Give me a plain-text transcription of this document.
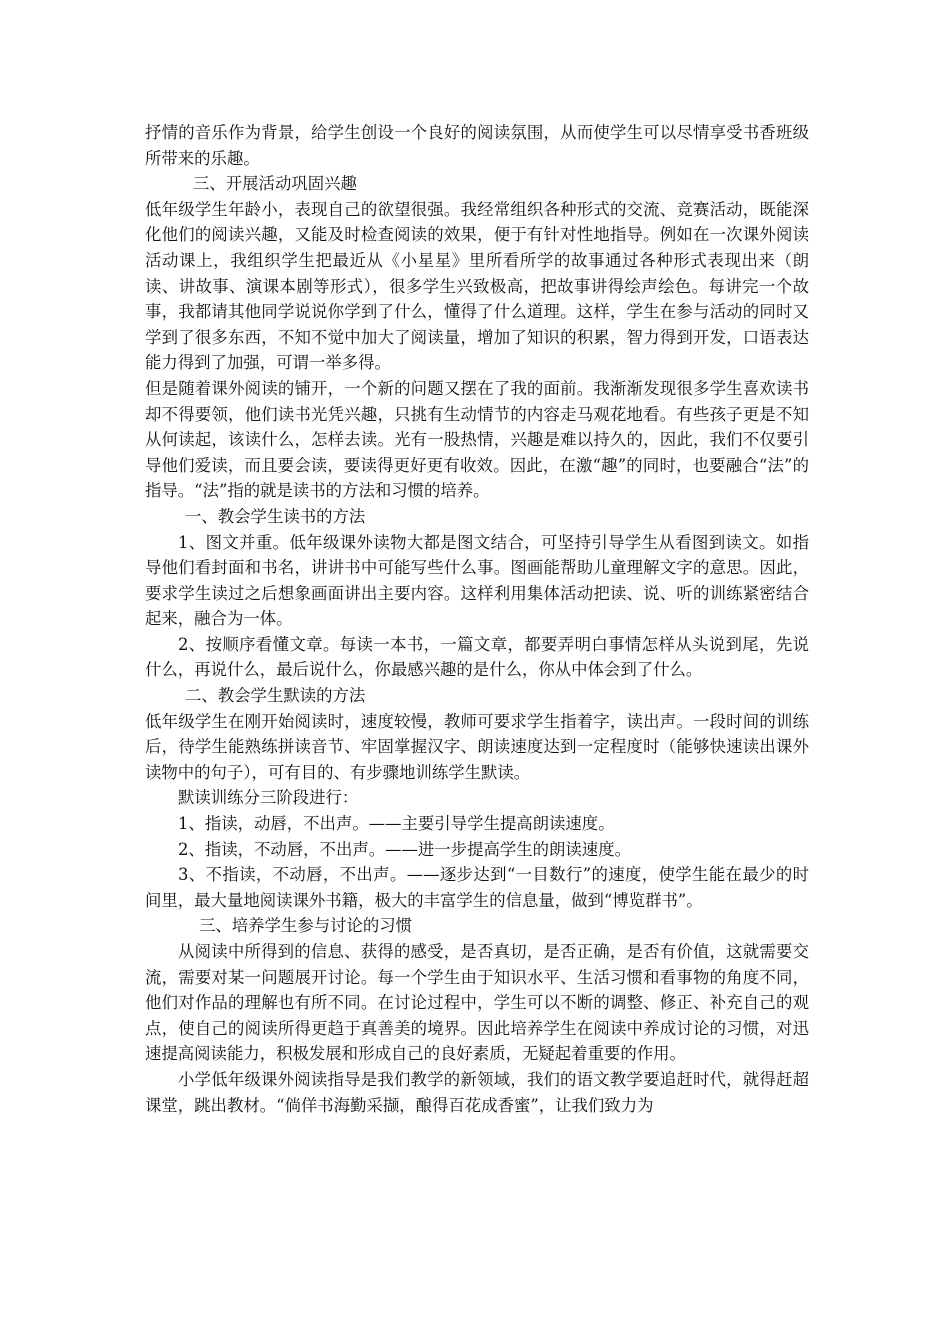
抒情的音乐作为背景，给学生创设一个良好的阅读氛围，从而使学生可以尽情享受书香班级所带来的乐趣。

三、开展活动巩固兴趣

低年级学生年龄小，表现自己的欲望很强。我经常组织各种形式的交流、竞赛活动，既能深化他们的阅读兴趣，又能及时检查阅读的效果，便于有针对性地指导。例如在一次课外阅读活动课上，我组织学生把最近从《小星星》里所看所学的故事通过各种形式表现出来（朗读、讲故事、演课本剧等形式），很多学生兴致极高，把故事讲得绘声绘色。每讲完一个故事，我都请其他同学说说你学到了什么，懂得了什么道理。这样，学生在参与活动的同时又学到了很多东西，不知不觉中加大了阅读量，增加了知识的积累，智力得到开发，口语表达能力得到了加强，可谓一举多得。

但是随着课外阅读的铺开，一个新的问题又摆在了我的面前。我渐渐发现很多学生喜欢读书却不得要领，他们读书光凭兴趣，只挑有生动情节的内容走马观花地看。有些孩子更是不知从何读起，该读什么，怎样去读。光有一股热情，兴趣是难以持久的，因此，我们不仅要引导他们爱读，而且要会读，要读得更好更有收效。因此，在激“趣”的同时，也要融合“法”的指导。“法”指的就是读书的方法和习惯的培养。

一、教会学生读书的方法

1、图文并重。低年级课外读物大都是图文结合，可坚持引导学生从看图到读文。如指导他们看封面和书名，讲讲书中可能写些什么事。图画能帮助儿童理解文字的意思。因此，要求学生读过之后想象画面讲出主要内容。这样利用集体活动把读、说、听的训练紧密结合起来，融合为一体。

2、按顺序看懂文章。每读一本书，一篇文章，都要弄明白事情怎样从头说到尾，先说什么，再说什么，最后说什么，你最感兴趣的是什么，你从中体会到了什么。

二、教会学生默读的方法

低年级学生在刚开始阅读时，速度较慢，教师可要求学生指着字，读出声。一段时间的训练后，待学生能熟练拼读音节、牢固掌握汉字、朗读速度达到一定程度时（能够快速读出课外读物中的句子），可有目的、有步骤地训练学生默读。

默读训练分三阶段进行：

1、指读，动唇，不出声。——主要引导学生提高朗读速度。

2、指读，不动唇，不出声。——进一步提高学生的朗读速度。

3、不指读，不动唇，不出声。——逐步达到“一目数行”的速度，使学生能在最少的时间里，最大量地阅读课外书籍，极大的丰富学生的信息量，做到“博览群书”。

三、培养学生参与讨论的习惯

从阅读中所得到的信息、获得的感受，是否真切，是否正确，是否有价值，这就需要交流，需要对某一问题展开讨论。每一个学生由于知识水平、生活习惯和看事物的角度不同，他们对作品的理解也有所不同。在讨论过程中，学生可以不断的调整、修正、补充自己的观点，使自己的阅读所得更趋于真善美的境界。因此培养学生在阅读中养成讨论的习惯，对迅速提高阅读能力，积极发展和形成自己的良好素质，无疑起着重要的作用。

小学低年级课外阅读指导是我们教学的新领域，我们的语文教学要追赶时代，就得赶超课堂，跳出教材。“倘佯书海勤采撷，酿得百花成香蜜”，让我们致力为
